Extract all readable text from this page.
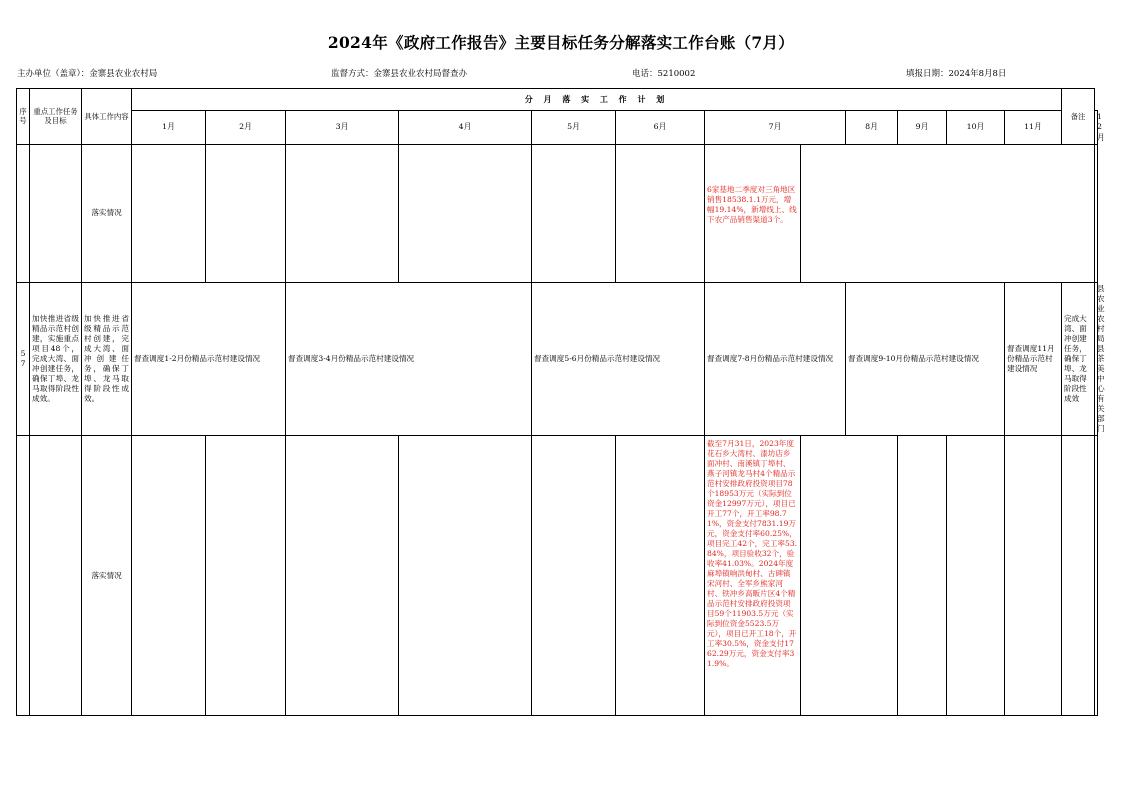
2024年《政府工作报告》主要目标任务分解落实工作台账（7月）
主办单位（盖章）：金寨县农业农村局	监督方式：金寨县农业农村局督查办	电话：5210002	填报日期：2024年8月8日
序号	重点工作任务及目标	具体工作内容	分 月 落 实 工 作 计 划												备注	
			1月	2月	3月	4月	5月	6月	7月		8月	9月	10月	11月		12月
		落实情况							6家基地二季度对三角地区销售18538.1.1万元，增幅19.14%，新增线上、线下农产品销售渠道3个。							
57	加快推进省级精品示范村创建，实施重点项目48个，完成大湾、面冲创建任务，确保丁埠、龙马取得阶段性成效。	加快推进省级精品示范村创建，完成大湾、面冲创建任务，确保丁埠、龙马取得阶段性成效。	督查调度1-2月份精品示范村建设情况		督查调度3-4月份精品示范村建设情况		督查调度5-6月份精品示范村建设情况		督查调度7-8月份精品示范村建设情况		督查调度9-10月份精品示范村建设情况			督查调度11月份精品示范村建设情况	完成大湾、面冲创建任务，确保丁埠、龙马取得阶段性成效	县农业农村局县茶美中心有关部门
		落实情况							截至7月31日，2023年度花石乡大湾村、漆坊店乡面冲村、南溪镇丁埠村、燕子河镇龙马村4个精品示范村安排政府投资项目78个18953万元（实际到位资金12997万元），项目已开工77个，开工率98.71%，资金支付7831.19万元，资金支付率60.25%，项目完工42个，完工率53.84%，项目验收32个，验收率41.03%。2024年度麻埠镇响洪甸村、古碑镇宋河村、全军乡熊家河村、铁冲乡高畈片区4个精品示范村安排政府投资项目59个11903.5万元（实际到位资金5523.5万元），项目已开工18个，开工率30.5%，资金支付1762.29万元，资金支付率31.9%。							
